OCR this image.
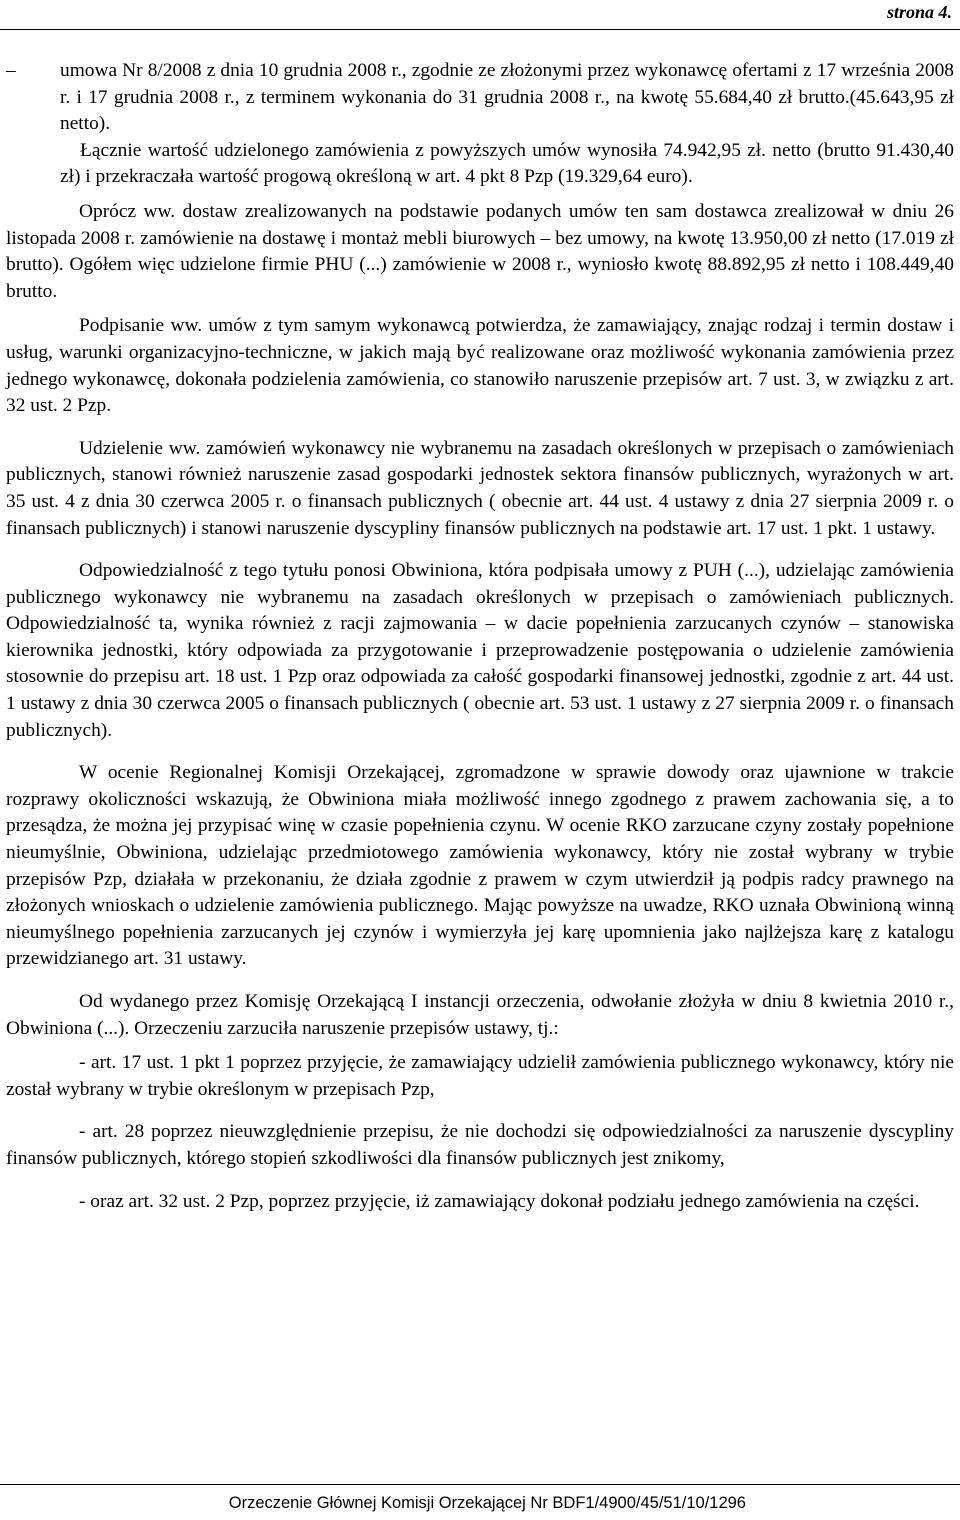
strona 4.
– umowa Nr 8/2008 z dnia 10 grudnia 2008 r., zgodnie ze złożonymi przez wykonawcę ofertami z 17 września 2008 r. i 17 grudnia 2008 r., z terminem wykonania do 31 grudnia 2008 r., na kwotę 55.684,40 zł brutto.(45.643,95 zł netto).
Łącznie wartość udzielonego zamówienia z powyższych umów wynosiła 74.942,95 zł. netto (brutto 91.430,40 zł) i przekraczała wartość progową określoną w art. 4 pkt 8 Pzp (19.329,64 euro).

Oprócz ww. dostaw zrealizowanych na podstawie podanych umów ten sam dostawca zrealizował w dniu 26 listopada 2008 r. zamówienie na dostawę i montaż mebli biurowych – bez umowy, na kwotę 13.950,00 zł netto (17.019 zł brutto). Ogółem więc udzielone firmie PHU (...) zamówienie w 2008 r., wyniosło kwotę 88.892,95 zł netto i 108.449,40 brutto.

Podpisanie ww. umów z tym samym wykonawcą potwierdza, że zamawiający, znając rodzaj i termin dostaw i usług, warunki organizacyjno-techniczne, w jakich mają być realizowane oraz możliwość wykonania zamówienia przez jednego wykonawcę, dokonała podzielenia zamówienia, co stanowiło naruszenie przepisów art. 7 ust. 3, w związku z art. 32 ust. 2 Pzp.

Udzielenie ww. zamówień wykonawcy nie wybranemu na zasadach określonych w przepisach o zamówieniach publicznych, stanowi również naruszenie zasad gospodarki jednostek sektora finansów publicznych, wyrażonych w art. 35 ust. 4 z dnia 30 czerwca 2005 r. o finansach publicznych ( obecnie art. 44 ust. 4 ustawy z dnia 27 sierpnia 2009 r. o finansach publicznych) i stanowi naruszenie dyscypliny finansów publicznych na podstawie art. 17 ust. 1 pkt. 1 ustawy.

Odpowiedzialność z tego tytułu ponosi Obwiniona, która podpisała umowy z PUH (...), udzielając zamówienia publicznego wykonawcy nie wybranemu na zasadach określonych w przepisach o zamówieniach publicznych. Odpowiedzialność ta, wynika również z racji zajmowania – w dacie popełnienia zarzucanych czynów – stanowiska kierownika jednostki, który odpowiada za przygotowanie i przeprowadzenie postępowania o udzielenie zamówienia stosownie do przepisu art. 18 ust. 1 Pzp oraz odpowiada za całość gospodarki finansowej jednostki, zgodnie z art. 44 ust. 1 ustawy z dnia 30 czerwca 2005 o finansach publicznych ( obecnie art. 53 ust. 1 ustawy z 27 sierpnia 2009 r. o finansach publicznych).

W ocenie Regionalnej Komisji Orzekającej, zgromadzone w sprawie dowody oraz ujawnione w trakcie rozprawy okoliczności wskazują, że Obwiniona miała możliwość innego zgodnego z prawem zachowania się, a to przesądza, że można jej przypisać winę w czasie popełnienia czynu. W ocenie RKO zarzucane czyny zostały popełnione nieumyślnie, Obwiniona, udzielając przedmiotowego zamówienia wykonawcy, który nie został wybrany w trybie przepisów Pzp, działała w przekonaniu, że działa zgodnie z prawem w czym utwierdził ją podpis radcy prawnego na złożonych wnioskach o udzielenie zamówienia publicznego. Mając powyższe na uwadze, RKO uznała Obwinioną winną nieumyślnego popełnienia zarzucanych jej czynów i wymierzyła jej karę upomnienia jako najlżejsza karę z katalogu przewidzianego art. 31 ustawy.

Od wydanego przez Komisję Orzekającą I instancji orzeczenia, odwołanie złożyła w dniu 8 kwietnia 2010 r., Obwiniona (...). Orzeczeniu zarzuciła naruszenie przepisów ustawy, tj.:

- art. 17 ust. 1 pkt 1 poprzez przyjęcie, że zamawiający udzielił zamówienia publicznego wykonawcy, który nie został wybrany w trybie określonym w przepisach Pzp,

- art. 28 poprzez nieuwzględnienie przepisu, że nie dochodzi się odpowiedzialności za naruszenie dyscypliny finansów publicznych, którego stopień szkodliwości dla finansów publicznych jest znikomy,

- oraz art. 32 ust. 2 Pzp, poprzez przyjęcie, iż zamawiający dokonał podziału jednego zamówienia na części.

Orzeczenie Głównej Komisji Orzekającej Nr BDF1/4900/45/51/10/1296
